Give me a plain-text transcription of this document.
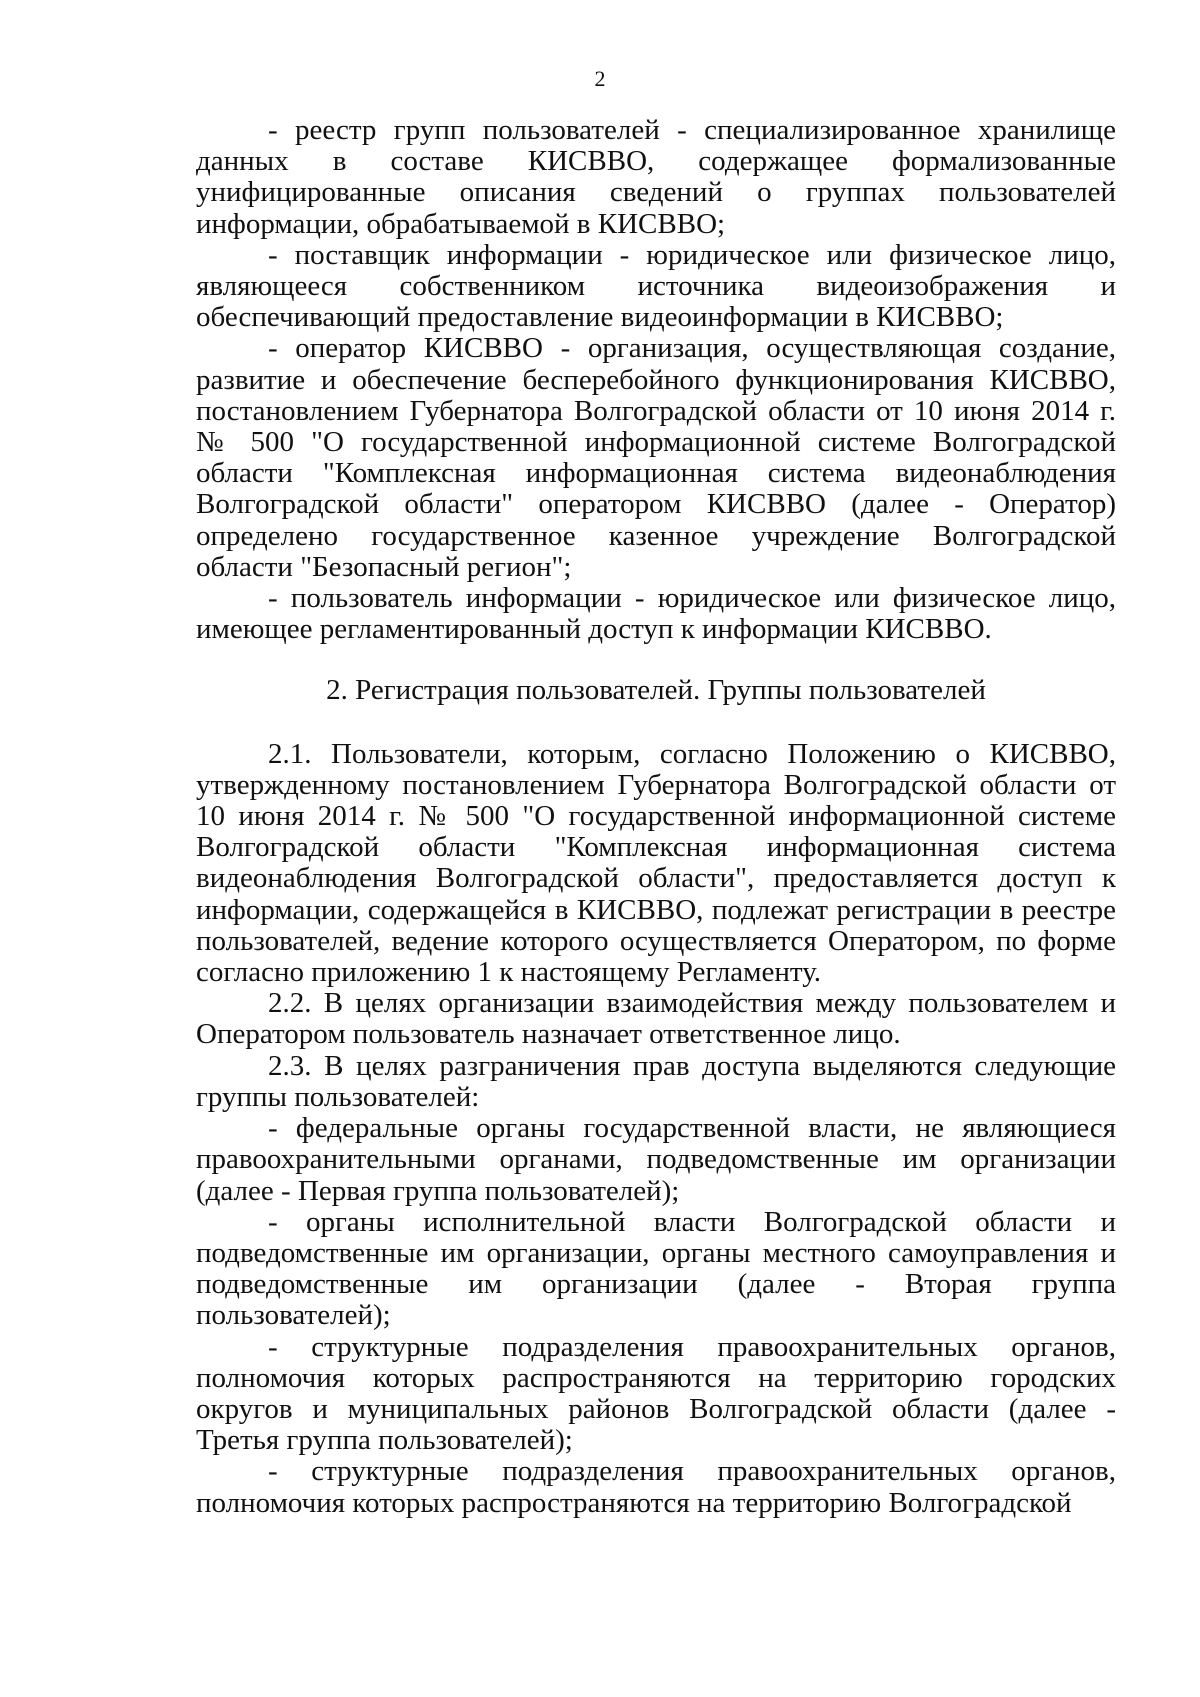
2

- реестр групп пользователей - специализированное хранилище данных в составе КИСВВО, содержащее формализованные унифицированные описания сведений о группах пользователей информации, обрабатываемой в КИСВВО;

- поставщик информации - юридическое или физическое лицо, являющееся собственником источника видеоизображения и обеспечивающий предоставление видеоинформации в КИСВВО;

- оператор КИСВВО - организация, осуществляющая создание, развитие и обеспечение бесперебойного функционирования КИСВВО, постановлением Губернатора Волгоградской области от 10 июня 2014 г. № 500 "О государственной информационной системе Волгоградской области "Комплексная информационная система видеонаблюдения Волгоградской области" оператором КИСВВО (далее - Оператор) определено государственное казенное учреждение Волгоградской области "Безопасный регион";

- пользователь информации - юридическое или физическое лицо, имеющее регламентированный доступ к информации КИСВВО.

2. Регистрация пользователей. Группы пользователей

2.1. Пользователи, которым, согласно Положению о КИСВВО, утвержденному постановлением Губернатора Волгоградской области от 10 июня 2014 г. № 500 "О государственной информационной системе Волгоградской области "Комплексная информационная система видеонаблюдения Волгоградской области", предоставляется доступ к информации, содержащейся в КИСВВО, подлежат регистрации в реестре пользователей, ведение которого осуществляется Оператором, по форме согласно приложению 1 к настоящему Регламенту.

2.2. В целях организации взаимодействия между пользователем и Оператором пользователь назначает ответственное лицо.

2.3. В целях разграничения прав доступа выделяются следующие группы пользователей:

- федеральные органы государственной власти, не являющиеся правоохранительными органами, подведомственные им организации (далее - Первая группа пользователей);

- органы исполнительной власти Волгоградской области и подведомственные им организации, органы местного самоуправления и подведомственные им организации (далее - Вторая группа пользователей);

- структурные подразделения правоохранительных органов, полномочия которых распространяются на территорию городских округов и муниципальных районов Волгоградской области (далее - Третья группа пользователей);

- структурные подразделения правоохранительных органов, полномочия которых распространяются на территорию Волгоградской
